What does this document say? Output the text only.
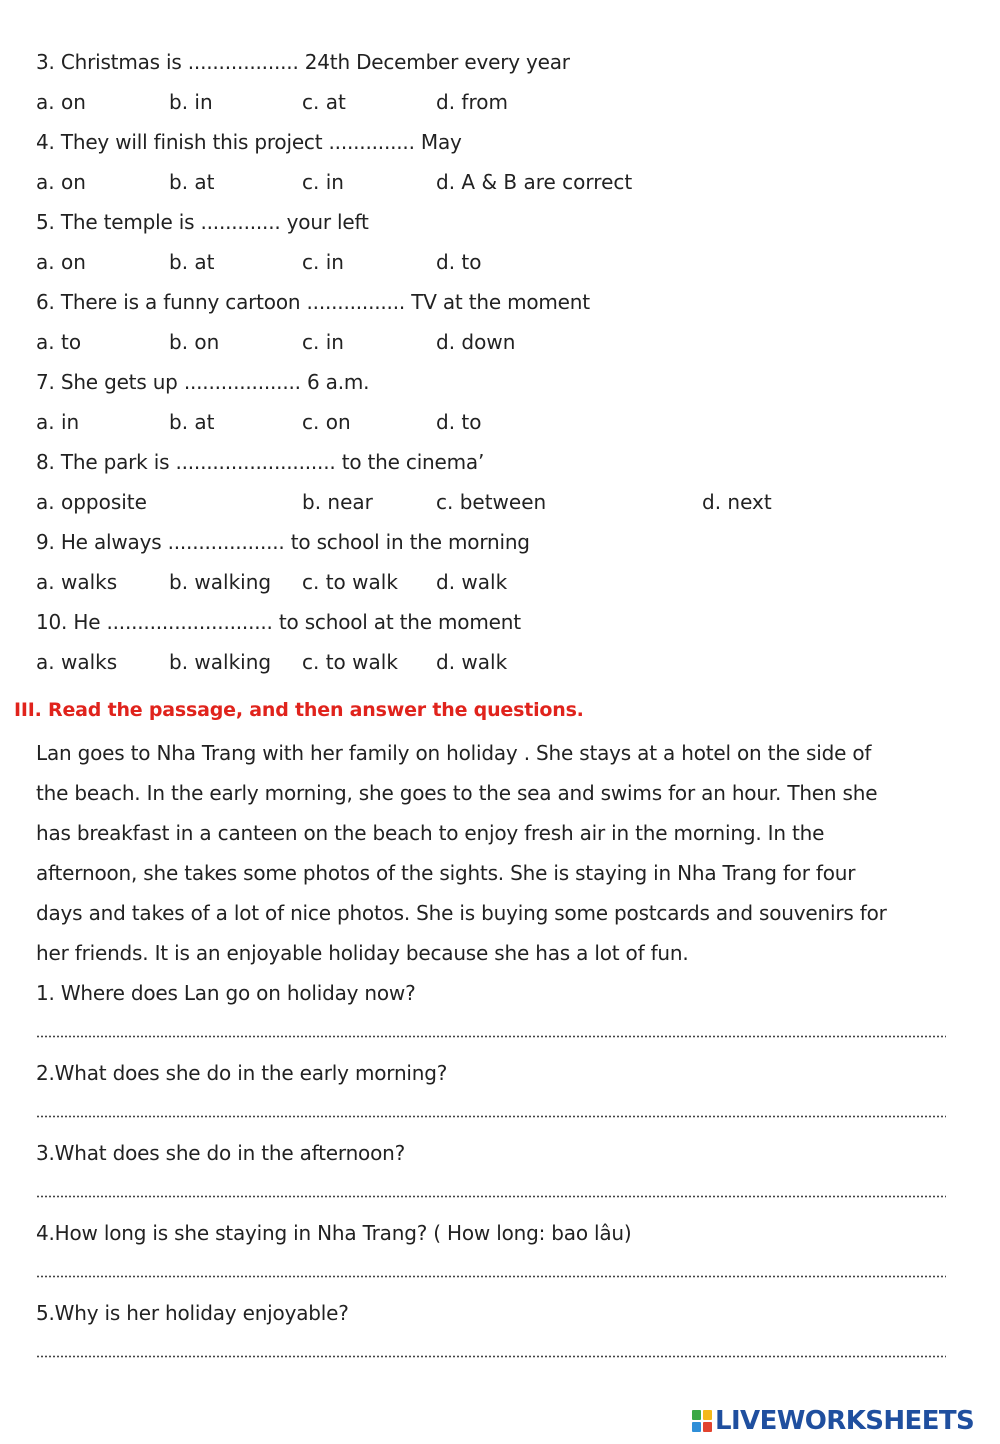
3. Christmas is .................. 24th December every year
a. on	b. in	c. at	d. from
4. They will finish this project .............. May
a. on	b. at	c. in	d. A & B are correct
5. The temple is ............. your left
a. on	b. at	c. in	d. to
6. There is a funny cartoon ................ TV at the moment
a. to	b. on	c. in	d. down
7. She gets up ................... 6 a.m.
a. in	b. at	c. on	d. to
8. The park is .......................... to the cinema’
a. opposite	b. near	c. between	d. next
9. He always ................... to school in the morning
a. walks	b. walking c. to walk d. walk
10. He ........................... to school at the moment
a. walks	b. walking c. to walk d. walk
III. Read the passage, and then answer the questions.
Lan goes to Nha Trang with her family on holiday . She stays at a hotel on the side of
the beach. In the early morning, she goes to the sea and swims for an hour. Then she
has breakfast in a canteen on the beach to enjoy fresh air in the morning. In the
afternoon, she takes some photos of the sights. She is staying in Nha Trang for four
days and takes of a lot of nice photos. She is buying some postcards and souvenirs for
her friends. It is an enjoyable holiday because she has a lot of fun.
1. Where does Lan go on holiday now?
2.What does she do in the early morning?
3.What does she do in the afternoon?
4.How long is she staying in Nha Trang? ( How long: bao lâu)
5.Why is her holiday enjoyable?
LIVEWORKSHEETS
